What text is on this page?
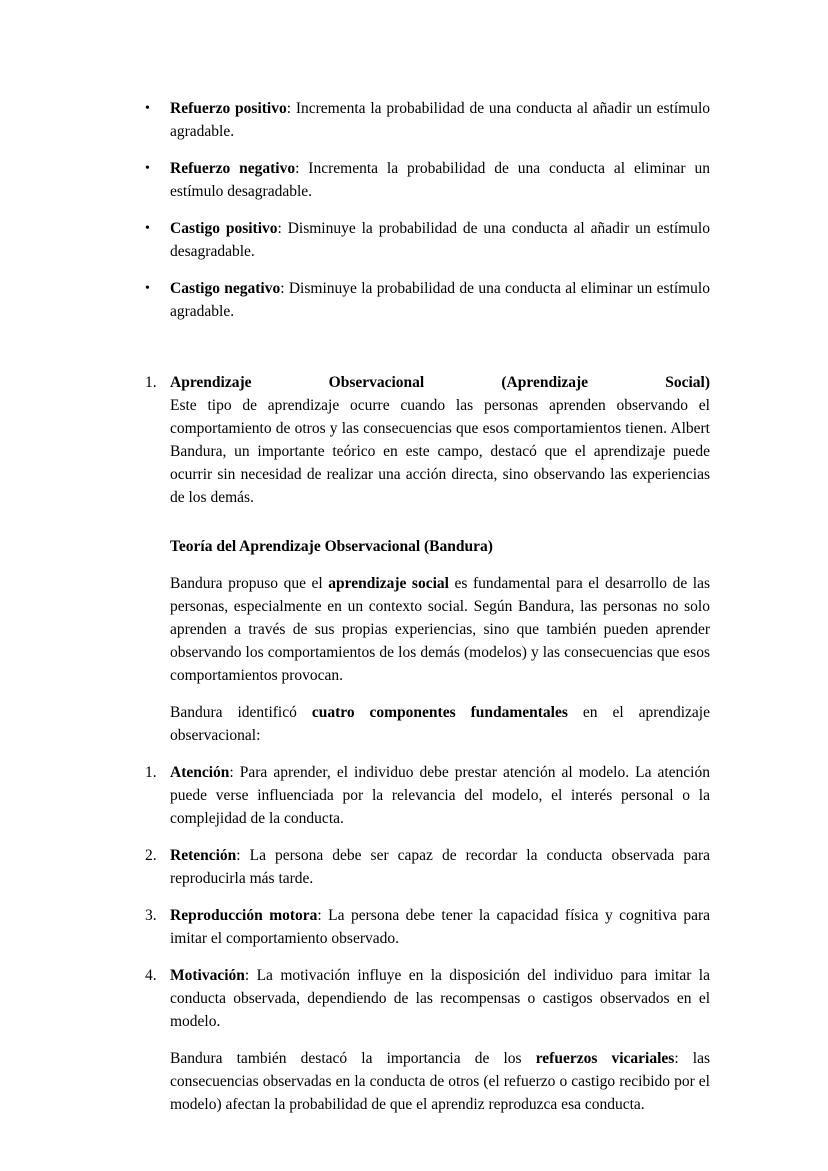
•	Refuerzo positivo: Incrementa la probabilidad de una conducta al añadir un estímulo agradable.

•	Refuerzo negativo: Incrementa la probabilidad de una conducta al eliminar un estímulo desagradable.

•	Castigo positivo: Disminuye la probabilidad de una conducta al añadir un estímulo desagradable.

•	Castigo negativo: Disminuye la probabilidad de una conducta al eliminar un estímulo agradable.

1. Aprendizaje	Observacional	(Aprendizaje	Social)

Este tipo de aprendizaje ocurre cuando las personas aprenden observando el comportamiento de otros y las consecuencias que esos comportamientos tienen. Albert Bandura, un importante teórico en este campo, destacó que el aprendizaje puede ocurrir sin necesidad de realizar una acción directa, sino observando las experiencias de los demás.

Teoría del Aprendizaje Observacional (Bandura)

Bandura propuso que el aprendizaje social es fundamental para el desarrollo de las personas, especialmente en un contexto social. Según Bandura, las personas no solo aprenden a través de sus propias experiencias, sino que también pueden aprender observando los comportamientos de los demás (modelos) y las consecuencias que esos comportamientos provocan.

Bandura identificó cuatro componentes fundamentales en el aprendizaje observacional:

1. Atención: Para aprender, el individuo debe prestar atención al modelo. La atención puede verse influenciada por la relevancia del modelo, el interés personal o la complejidad de la conducta.

2. Retención: La persona debe ser capaz de recordar la conducta observada para reproducirla más tarde.

3. Reproducción motora: La persona debe tener la capacidad física y cognitiva para imitar el comportamiento observado.

4. Motivación: La motivación influye en la disposición del individuo para imitar la conducta observada, dependiendo de las recompensas o castigos observados en el modelo.

Bandura también destacó la importancia de los refuerzos vicariales: las consecuencias observadas en la conducta de otros (el refuerzo o castigo recibido por el modelo) afectan la probabilidad de que el aprendiz reproduzca esa conducta.
